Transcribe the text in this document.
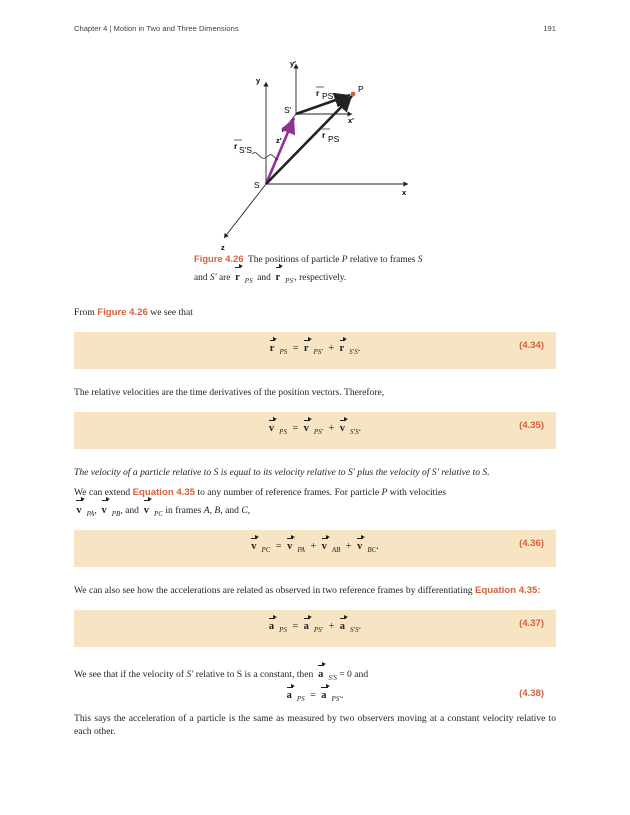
Chapter 4 | Motion in Two and Three Dimensions	191
y
y′
x
x′
z
z′
S
S′
P
r PS′
r PS
r S′S
Figure 4.26 The positions of particle P relative to frames S
and S′ are r $_{PS}$ and r $_{PS'}$, respectively.
From Figure 4.26 we see that
r $_{PS}$ = r $_{PS'}$ + r $_{S'S}$.	(4.34)
The relative velocities are the time derivatives of the position vectors. Therefore,
v $_{PS}$ = v $_{PS'}$ + v $_{S'S}$.	(4.35)
The velocity of a particle relative to S is equal to its velocity relative to S′ plus the velocity of S′ relative to S.
We can extend Equation 4.35 to any number of reference frames. For particle P with velocities
v $_{PA}$, v $_{PB}$, and v $_{PC}$ in frames A, B, and C,
v $_{PC}$ = v $_{PA}$ + v $_{AB}$ + v $_{BC}$.	(4.36)
We can also see how the accelerations are related as observed in two reference frames by differentiating Equation 4.35:
a $_{PS}$ = a $_{PS'}$ + a $_{S'S}$.	(4.37)
We see that if the velocity of S′ relative to S is a constant, then a $_{S'S}$ = 0 and
a $_{PS}$ = a $_{PS'}$.	(4.38)
This says the acceleration of a particle is the same as measured by two observers moving at a constant velocity relative to each other.
